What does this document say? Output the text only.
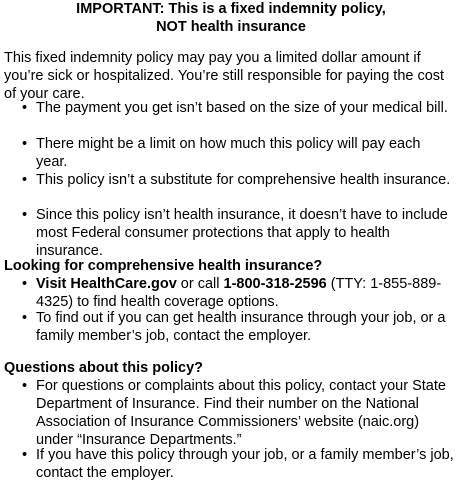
IMPORTANT: This is a fixed indemnity policy,
NOT health insurance
This fixed indemnity policy may pay you a limited dollar amount if you’re sick or hospitalized. You’re still responsible for paying the cost of your care.
• The payment you get isn’t based on the size of your medical bill.
• There might be a limit on how much this policy will pay each year.
• This policy isn’t a substitute for comprehensive health insurance.
• Since this policy isn’t health insurance, it doesn’t have to include most Federal consumer protections that apply to health insurance.
Looking for comprehensive health insurance?
• Visit HealthCare.gov or call 1-800-318-2596 (TTY: 1-855-889-4325) to find health coverage options.
• To find out if you can get health insurance through your job, or a family member’s job, contact the employer.
Questions about this policy?
• For questions or complaints about this policy, contact your State Department of Insurance. Find their number on the National Association of Insurance Commissioners’ website (naic.org) under “Insurance Departments.”
• If you have this policy through your job, or a family member’s job, contact the employer.
